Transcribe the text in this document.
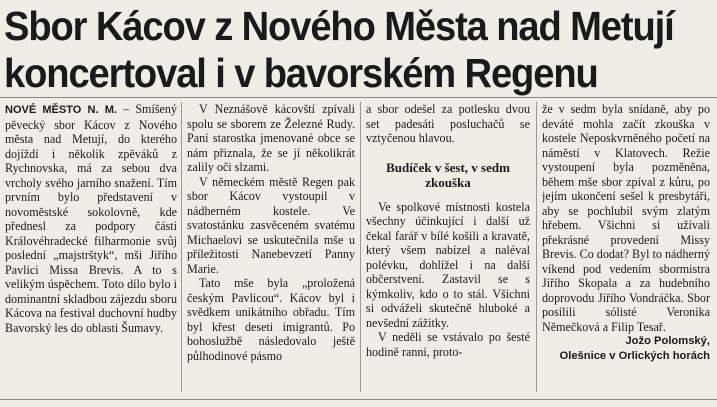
Sbor Kácov z Nového Města nad Metují
koncertoval i v bavorském Regenu

NOVÉ MĚSTO N. M. – Smíšený pěvecký sbor Kácov z Nového města nad Metují, do kterého dojíždí i několik zpěváků z Rychnovska, má za sebou dva vrcholy svého jarního snažení. Tím prvním bylo představení v novoměstské sokolovně, kde přednesl za podpory části Královéhradecké filharmonie svůj poslední „majstrštyk“, mši Jiřího Pavlici Missa Brevis. A to s velikým úspěchem. Toto dílo bylo i dominantní skladbou zájezdu sboru Kácova na festival duchovní hudby Bavorský les do oblasti Šumavy.

V Neznášově kácovští zpívali spolu se sborem ze Železné Rudy. Paní starostka jmenované obce se nám přiznala, že se jí několikrát zalily oči slzami.

V německém městě Regen pak sbor Kácov vystoupil v nádherném kostele. Ve svatostánku zasvěceném svatému Michaelovi se uskutečnila mše u příležitosti Nanebevzetí Panny Marie.

Tato mše byla „proložená českým Pavlicou“. Kácov byl i svědkem unikátního obřadu. Tím byl křest deseti imigrantů. Po bohoslužbě následovalo ještě půlhodinové pásmo

a sbor odešel za potlesku dvou set padesáti posluchačů se vztyčenou hlavou.

Budíček v šest, v sedm zkouška

Ve spolkové místnosti kostela všechny účinkující i další už čekal farář v bílé košili a kravatě, který všem nabízel a naléval polévku, dohlížel i na další občerstvení. Zastavil se s kýmkoliv, kdo o to stál. Všichni si odváželi skutečně hluboké a nevšední zážitky.

V neděli se vstávalo po šesté hodině ranní, proto-

že v sedm byla snídaně, aby po deváté mohla začít zkouška v kostele Neposkvrněného početí na náměstí v Klatovech. Režie vystoupení byla pozměněna, během mše sbor zpíval z kůru, po jejím ukončení sešel k presbytáři, aby se pochlubil svým zlatým hřebem. Všichni si užívali překrásné provedení Missy Brevis. Co dodat? Byl to nádherný víkend pod vedením sbormistra Jiřího Skopala a za hudebního doprovodu Jiřího Vondráčka. Sbor posílili sólisté Veronika Němečková a Filip Tesař.

Jožo Polomský,
Olešnice v Orlických horách
